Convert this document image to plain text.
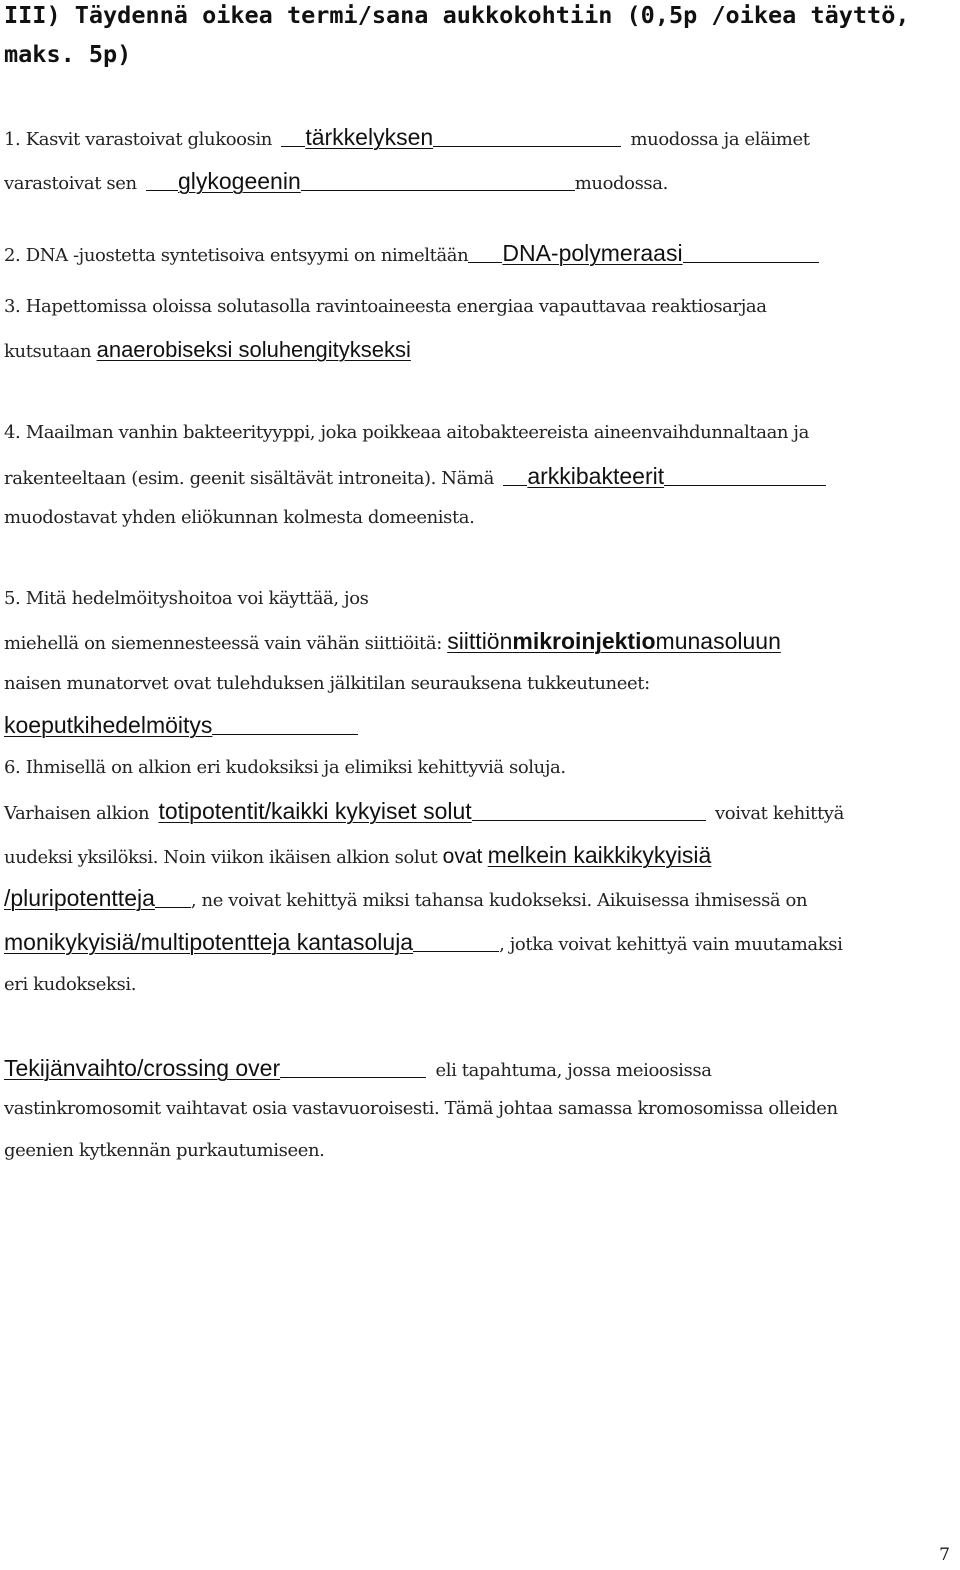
III) Täydennä oikea termi/sana aukkokohtiin (0,5p /oikea täyttö, maks. 5p)
1. Kasvit varastoivat glukoosin tärkkelyksen	muodossa ja eläimet
varastoivat sen glykogeenin	muodossa.
2. DNA -juostetta syntetisoiva entsyymi on nimeltään DNA-polymeraasi
3. Hapettomissa oloissa solutasolla ravintoaineesta energiaa vapauttavaa reaktiosarjaa
kutsutaan anaerobiseksi soluhengitykseksi
4. Maailman vanhin bakteerityyppi, joka poikkeaa aitobakteereista aineenvaihdunnaltaan ja
rakenteeltaan (esim. geenit sisältävät introneita). Nämä arkkibakteerit
muodostavat yhden eliökunnan kolmesta domeenista.
5. Mitä hedelmöityshoitoa voi käyttää, jos
miehellä on siemennesteessä vain vähän siittiöitä: siittiönmikroinjektiomunasoluun
naisen munatorvet ovat tulehduksen jälkitilan seurauksena tukkeutuneet:
koeputkihedelmöitys
6. Ihmisellä on alkion eri kudoksiksi ja elimiksi kehittyviä soluja.
Varhaisen alkion totipotentit/kaikki kykyiset solut	voivat kehittyä
uudeksi yksilöksi. Noin viikon ikäisen alkion solut ovat melkein kaikkikykyisiä
/pluripotentteja , ne voivat kehittyä miksi tahansa kudokseksi. Aikuisessa ihmisessä on
monikykyisiä/multipotentteja kantasoluja	, jotka voivat kehittyä vain muutamaksi
eri kudokseksi.
Tekijänvaihto/crossing over	eli tapahtuma, jossa meioosissa
vastinkromosomit vaihtavat osia vastavuoroisesti. Tämä johtaa samassa kromosomissa olleiden
geenien kytkennän purkautumiseen.
7
